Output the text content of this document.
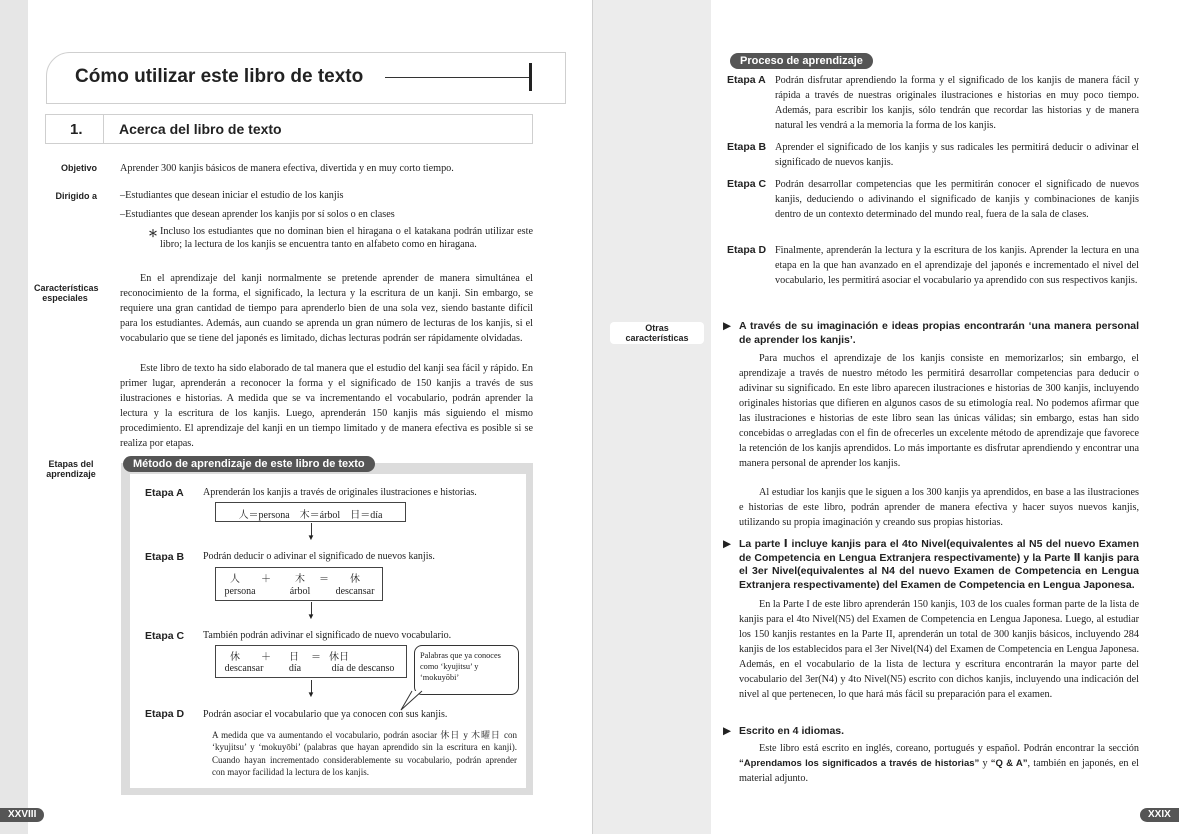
Cómo utilizar este libro de texto
1.	Acerca del libro de texto
Objetivo	Aprender 300 kanjis básicos de manera efectiva, divertida y en muy corto tiempo.
Dirigido a	–Estudiantes que desean iniciar el estudio de los kanjis
–Estudiantes que desean aprender los kanjis por sí solos o en clases
＊ Incluso los estudiantes que no dominan bien el hiragana o el katakana podrán utilizar este libro; la lectura de los kanjis se encuentra tanto en alfabeto como en hiragana.
Características
especiales
En el aprendizaje del kanji normalmente se pretende aprender de manera simultánea el reconocimiento de la forma, el significado, la lectura y la escritura de un kanji. Sin embargo, se requiere una gran cantidad de tiempo para aprenderlo bien de una sola vez, siendo bastante difícil para los estudiantes. Además, aun cuando se aprenda un gran número de lecturas de los kanjis, si el vocabulario que se tiene del japonés es limitado, dichas lecturas podrán ser rápidamente olvidadas.
Este libro de texto ha sido elaborado de tal manera que el estudio del kanji sea fácil y rápido. En primer lugar, aprenderán a reconocer la forma y el significado de 150 kanjis a través de sus ilustraciones e historias. A medida que se va incrementando el vocabulario, podrán aprender la lectura y la escritura de los kanjis. Luego, aprenderán 150 kanjis más siguiendo el mismo procedimiento. El aprendizaje del kanji en un tiempo limitado y de manera efectiva es posible si se realiza por etapas.
Etapas del
aprendizaje
Método de aprendizaje de este libro de texto
Etapa A Aprenderán los kanjis a través de originales ilustraciones e historias.
人＝persona　木＝árbol　日＝día
▼
Etapa B Podrán deducir o adivinar el significado de nuevos kanjis.
人	＋	木	＝	休
persona	árbol	descansar
▼
Etapa C También podrán adivinar el significado de nuevo vocabulario.
休	＋	日	＝ 休日
descansar	día	día de descanso
▼
Palabras que ya conoces como ‘kyujitsu’ y ‘mokuyōbi’
Etapa D Podrán asociar el vocabulario que ya conocen con sus kanjis.
A medida que va aumentando el vocabulario, podrán asociar 休日 y 木曜日 con ‘kyujitsu’ y ‘mokuyōbi’ (palabras que hayan aprendido sin la escritura en kanji). Cuando hayan incrementado considerablemente su vocabulario, podrán aprender con mayor facilidad la lectura de los kanjis.
XXVIII
Proceso de aprendizaje
Etapa A Podrán disfrutar aprendiendo la forma y el significado de los kanjis de manera fácil y rápida a través de nuestras originales ilustraciones e historias en muy poco tiempo. Además, para escribir los kanjis, sólo tendrán que recordar las historias y de manera natural les vendrá a la memoria la forma de los kanjis.
Etapa B Aprender el significado de los kanjis y sus radicales les permitirá deducir o adivinar el significado de nuevos kanjis.
Etapa C Podrán desarrollar competencias que les permitirán conocer el significado de nuevos kanjis, deduciendo o adivinando el significado de kanjis y combinaciones de kanjis dentro de un contexto determinado del mundo real, fuera de la sala de clases.
Etapa D Finalmente, aprenderán la lectura y la escritura de los kanjis. Aprender la lectura en una etapa en la que han avanzado en el aprendizaje del japonés e incrementado el nivel del vocabulario, les permitirá asociar el vocabulario ya aprendido con sus respectivos kanjis.
Otras características
▶ A través de su imaginación e ideas propias encontrarán ‘una manera personal de aprender los kanjis’.
Para muchos el aprendizaje de los kanjis consiste en memorizarlos; sin embargo, el aprendizaje a través de nuestro método les permitirá desarrollar competencias para deducir o adivinar su significado. En este libro aparecen ilustraciones e historias de 300 kanjis, incluyendo originales historias que difieren en algunos casos de su etimología real. No podemos afirmar que las ilustraciones e historias de este libro sean las únicas válidas; sin embargo, estas han sido concebidas o arregladas con el fin de ofrecerles un excelente método de aprendizaje que favorece la retención de los kanjis aprendidos. Lo más importante es disfrutar aprendiendo y encontrar una manera personal de aprender los kanjis.
Al estudiar los kanjis que le siguen a los 300 kanjis ya aprendidos, en base a las ilustraciones e historias de este libro, podrán aprender de manera efectiva y hacer suyos nuevos kanjis, utilizando su propia imaginación y creando sus propias historias.
▶ La parte Ⅰ incluye kanjis para el 4to Nivel(equivalentes al N5 del nuevo Examen de Competencia en Lengua Extranjera respectivamente) y la Parte Ⅱ kanjis para el 3er Nivel(equivalentes al N4 del nuevo Examen de Competencia en Lengua Extranjera respectivamente) del Examen de Competencia en Lengua Japonesa.
En la Parte I de este libro aprenderán 150 kanjis, 103 de los cuales forman parte de la lista de kanjis para el 4to Nivel(N5) del Examen de Competencia en Lengua Japonesa. Luego, al estudiar los 150 kanjis restantes en la Parte II, aprenderán un total de 300 kanjis básicos, incluyendo 284 kanjis de los establecidos para el 3er Nivel(N4) del Examen de Competencia en Lengua Japonesa. Además, en el vocabulario de la lista de lectura y escritura encontrarán la mayor parte del vocabulario del 3er(N4) y 4to Nivel(N5) escrito con dichos kanjis, incluyendo una indicación del nivel al que pertenecen, lo que hará más fácil su preparación para el examen.
▶ Escrito en 4 idiomas.
Este libro está escrito en inglés, coreano, portugués y español. Podrán encontrar la sección “Aprendamos los significados a través de historias” y “Q & A”, también en japonés, en el material adjunto.
XXIX
